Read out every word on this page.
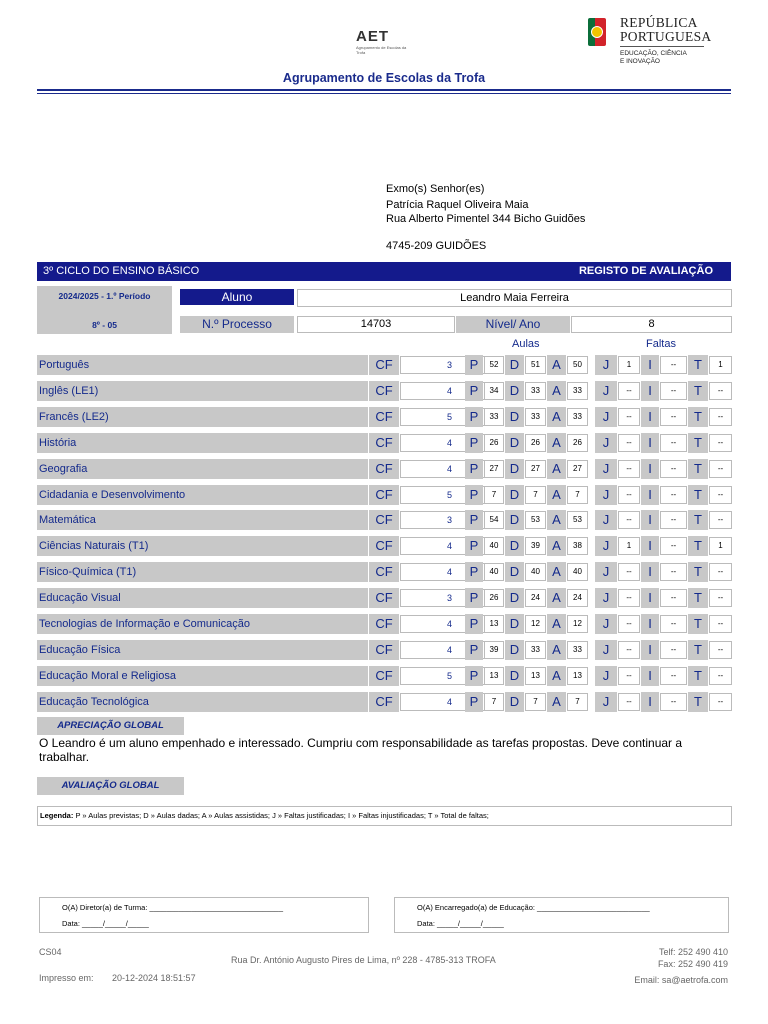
AET
Agrupamento de Escolas da Trofa
REPÚBLICA
PORTUGUESA
EDUCAÇÃO, CIÊNCIA
E INOVAÇÃO
Agrupamento de Escolas da Trofa
Exmo(s) Senhor(es)
Patrícia Raquel Oliveira Maia
Rua Alberto Pimentel 344 Bicho Guidões
4745-209 GUIDÕES
3º CICLO DO ENSINO BÁSICO	REGISTO DE AVALIAÇÃO
2024/2025 - 1.º Período
8º - 05
Aluno	Leandro Maia Ferreira
N.º Processo	14703	Nível/ Ano	8
Aulas	Faltas
Português	CF	3	P	52 D	51 A	50	J	1	I	--	T	1
Inglês (LE1)	CF	4	P	34 D	33 A	33	J	--	I	--	T	--
Francês (LE2)	CF	5	P	33 D	33 A	33	J	--	I	--	T	--
História	CF	4	P	26 D	26 A	26	J	--	I	--	T	--
Geografia	CF	4	P	27 D	27 A	27	J	--	I	--	T	--
Cidadania e Desenvolvimento	CF	5	P	7	D	7	A	7	J	--	I	--	T	--
Matemática	CF	3	P	54 D	53 A	53	J	--	I	--	T	--
Ciências Naturais (T1)	CF	4	P	40 D	39 A	38	J	1	I	--	T	1
Físico-Química (T1)	CF	4	P	40 D	40 A	40	J	--	I	--	T	--
Educação Visual	CF	3	P	26 D	24 A	24	J	--	I	--	T	--
Tecnologias de Informação e Comunicação	CF	4	P	13 D	12 A	12	J	--	I	--	T	--
Educação Física	CF	4	P	39 D	33 A	33	J	--	I	--	T	--
Educação Moral e Religiosa	CF	5	P	13 D	13 A	13	J	--	I	--	T	--
Educação Tecnológica	CF	4	P	7	D	7	A	7	J	--	I	--	T	--
APRECIAÇÃO GLOBAL
O Leandro é um aluno empenhado e interessado. Cumpriu com responsabilidade as tarefas propostas. Deve continuar a trabalhar.
AVALIAÇÃO GLOBAL
Legenda: P » Aulas previstas; D » Aulas dadas; A » Aulas assistidas; J » Faltas justificadas; I » Faltas injustificadas; T » Total de faltas;
O(A) Diretor(a) de Turma: ________________________________
Data: _____/_____/_____
O(A) Encarregado(a) de Educação: ___________________________
Data: _____/_____/_____
CS04
Impresso em: 20-12-2024 18:51:57
Rua Dr. António Augusto Pires de Lima, nº 228 - 4785-313 TROFA
Telf: 252 490 410
Fax: 252 490 419
Email: sa@aetrofa.com
